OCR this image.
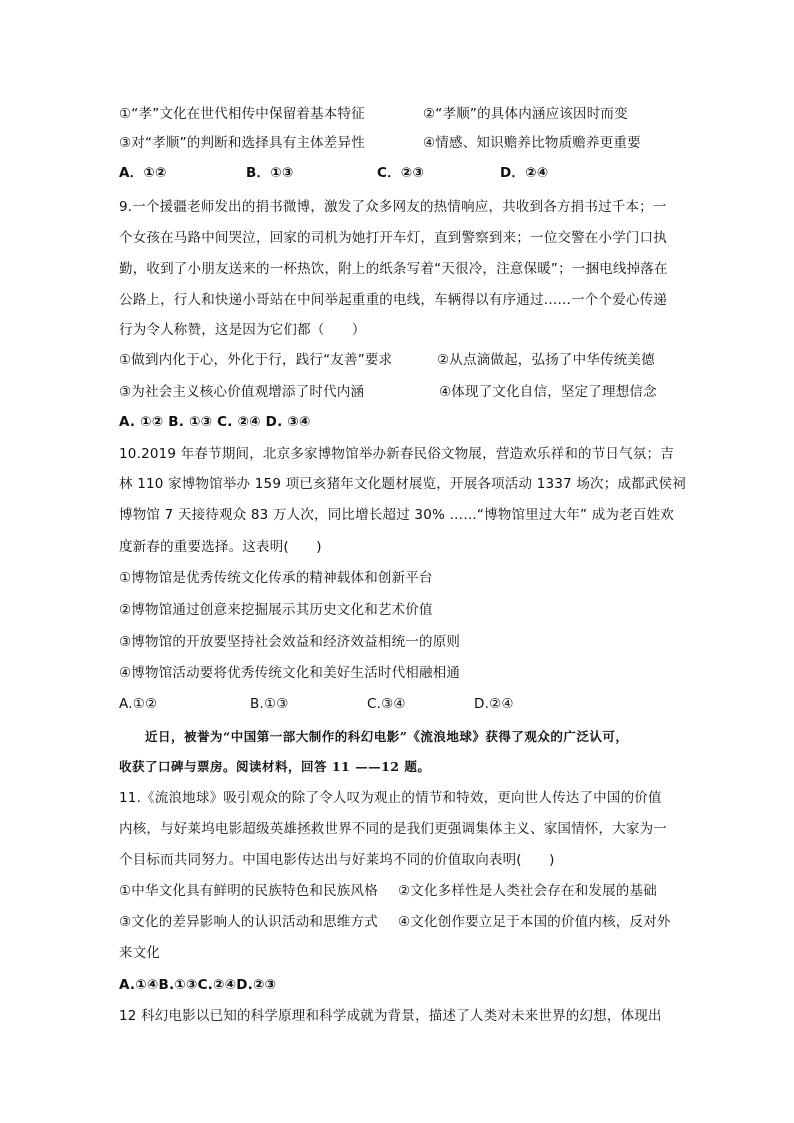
①“孝”文化在世代相传中保留着基本特征	②“孝顺”的具体内涵应该因时而变
③对“孝顺”的判断和选择具有主体差异性	④情感、知识赡养比物质赡养更重要
A．①②	B．①③	C．②③	D．②④
9.一个援疆老师发出的捐书微博，激发了众多网友的热情响应，共收到各方捐书过千本；一
个女孩在马路中间哭泣，回家的司机为她打开车灯，直到警察到来；一位交警在小学门口执
勤，收到了小朋友送来的一杯热饮，附上的纸条写着“天很冷，注意保暖”；一捆电线掉落在
公路上，行人和快递小哥站在中间举起重重的电线，车辆得以有序通过……一个个爱心传递
行为令人称赞，这是因为它们都（　　）
①做到内化于心，外化于行，践行“友善”要求	②从点滴做起，弘扬了中华传统美德
③为社会主义核心价值观增添了时代内涵	④体现了文化自信，坚定了理想信念
A. ①② B. ①③ C. ②④ D. ③④
10.2019 年春节期间，北京多家博物馆举办新春民俗文物展，营造欢乐祥和的节日气氛；吉
林 110 家博物馆举办 159 项已亥猪年文化题材展览，开展各项活动 1337 场次；成都武侯祠
博物馆 7 天接待观众 83 万人次，同比增长超过 30% ……“博物馆里过大年” 成为老百姓欢
度新春的重要选择。这表明(　　)
①博物馆是优秀传统文化传承的精神载体和创新平台
②博物馆通过创意来挖掘展示其历史文化和艺术价值
③博物馆的开放要坚持社会效益和经济效益相统一的原则
④博物馆活动要将优秀传统文化和美好生活时代相融相通
A.①②	B.①③	C.③④	D.②④
近日，被誉为“中国第一部大制作的科幻电影”《流浪地球》获得了观众的广泛认可，
收获了口碑与票房。阅读材料，回答 11 ——12 题。
11.《流浪地球》吸引观众的除了令人叹为观止的情节和特效，更向世人传达了中国的价值
内核，与好莱坞电影超级英雄拯救世界不同的是我们更强调集体主义、家国情怀，大家为一
个目标而共同努力。中国电影传达出与好莱坞不同的价值取向表明(　　)
①中华文化具有鲜明的民族特色和民族风格 ②文化多样性是人类社会存在和发展的基础
③文化的差异影响人的认识活动和思维方式 ④文化创作要立足于本国的价值内核，反对外
来文化
A.①④B.①③C.②④D.②③
12 科幻电影以已知的科学原理和科学成就为背景，描述了人类对未来世界的幻想，体现出
